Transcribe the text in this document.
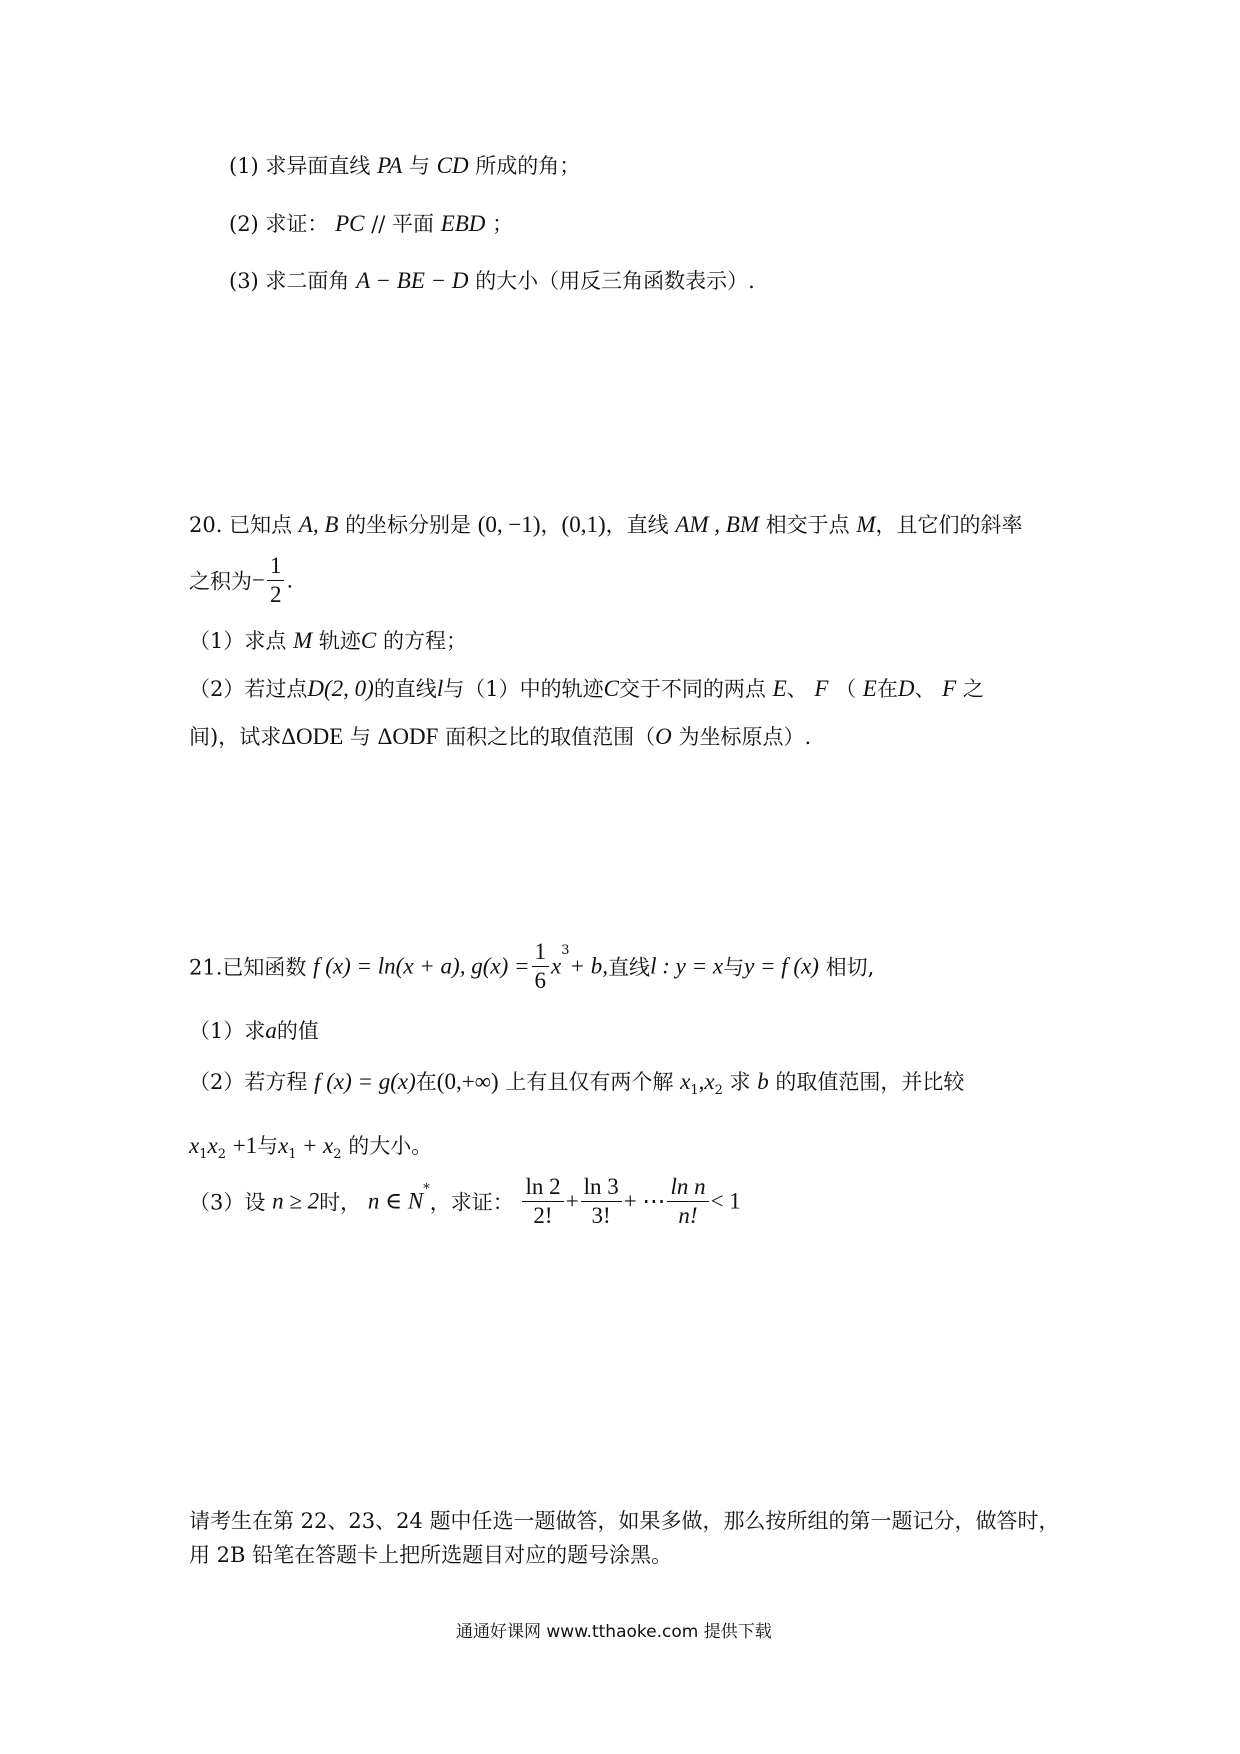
(1) 求异面直线 PA 与 CD 所成的角；
(2) 求证： PC // 平面 EBD ；
(3) 求二面角 A − BE − D 的大小（用反三角函数表示）.
20. 已知点 A, B 的坐标分别是 (0, −1)，(0,1)，直线 AM , BM 相交于点 M，且它们的斜率
之积为− $\frac{1}{2}$ .
（1）求点 M 轨迹C 的方程；
（2）若过点D(2, 0)的直线l与（1）中的轨迹C交于不同的两点 E、 F （ E在D、 F 之
间)，试求ΔODE 与 ΔODF 面积之比的取值范围（O 为坐标原点）.
21.已知函数 f (x) = ln(x + a), $g(x) = \frac{1}{6} x^3+ b$,直线l : y = x与y = f (x) 相切,
（1）求a的值
（2）若方程 f (x) = g(x)在(0,+∞) 上有且仅有两个解 $x_1,x_2$ 求 b 的取值范围，并比较
$x_1x_2 +1$与$x_1 + x_2$ 的大小。
（3）设 n ≥ 2时， n ∈ N*，求证： $\frac{\ln 2}{2!} + \frac{\ln 3}{3!}$ + ⋯ $\frac{\text{ln n}}{n!} < 1$
请考生在第 22、23、24 题中任选一题做答，如果多做，那么按所组的第一题记分，做答时，
用 2B 铅笔在答题卡上把所选题目对应的题号涂黑。
通通好课网 www.tthaoke.com 提供下载
